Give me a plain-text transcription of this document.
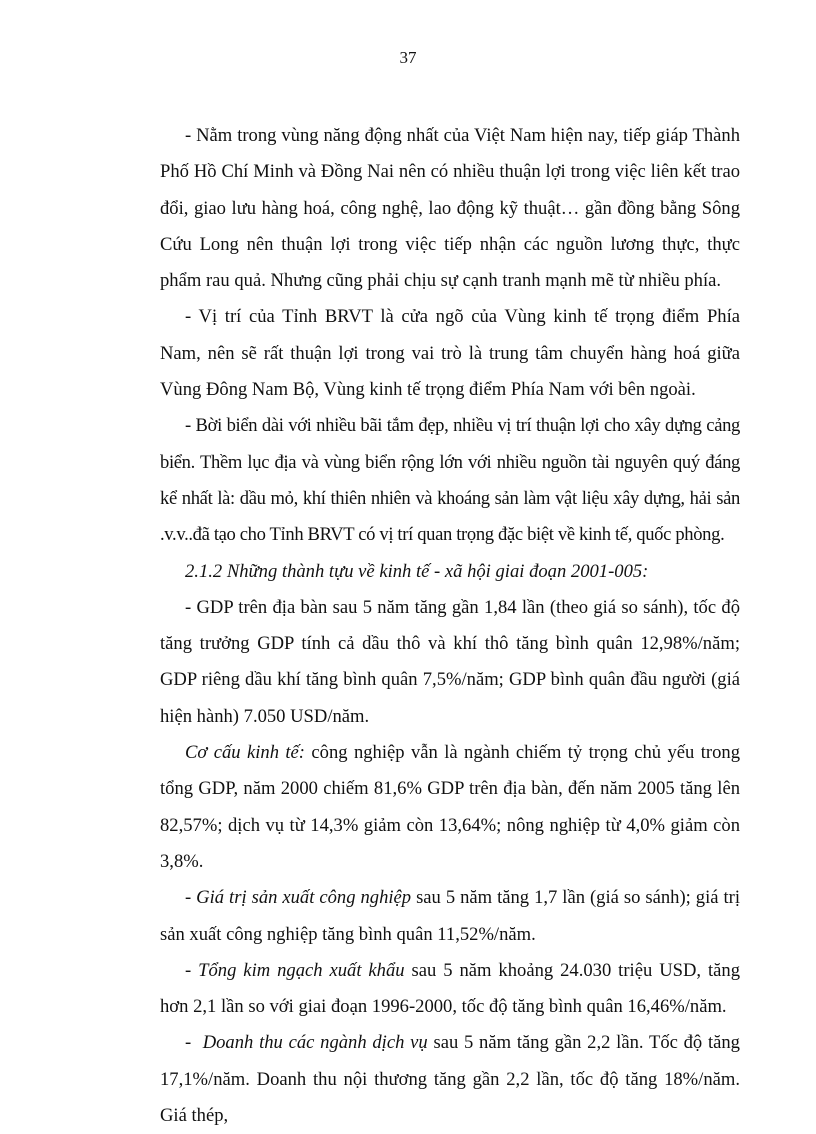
37

- Nằm trong vùng năng động nhất của Việt Nam hiện nay, tiếp giáp Thành Phố Hồ Chí Minh và Đồng Nai nên có nhiều thuận lợi trong việc liên kết trao đổi, giao lưu hàng hoá, công nghệ, lao động kỹ thuật… gần đồng bằng Sông Cứu Long nên thuận lợi trong việc tiếp nhận các nguồn lương thực, thực phẩm rau quả. Nhưng cũng phải chịu sự cạnh tranh mạnh mẽ từ nhiều phía.

- Vị trí của Tỉnh BRVT là cửa ngõ của Vùng kinh tế trọng điểm Phía Nam, nên sẽ rất thuận lợi trong vai trò là trung tâm chuyển hàng hoá giữa Vùng Đông Nam Bộ, Vùng kinh tế trọng điểm Phía Nam với bên ngoài.

- Bời biển dài với nhiều bãi tắm đẹp, nhiều vị trí thuận lợi cho xây dựng cảng biển. Thềm lục địa và vùng biển rộng lớn với nhiều nguồn tài nguyên quý đáng kể nhất là: dầu mỏ, khí thiên nhiên và khoáng sản làm vật liệu xây dựng, hải sản .v.v..đã tạo cho Tỉnh BRVT có vị trí quan trọng đặc biệt về kinh tế, quốc phòng.

2.1.2 Những thành tựu về kinh tế - xã hội giai đoạn 2001-005:

- GDP trên địa bàn sau 5 năm tăng gần 1,84 lần (theo giá so sánh), tốc độ tăng trưởng GDP tính cả dầu thô và khí thô tăng bình quân 12,98%/năm; GDP riêng dầu khí tăng bình quân 7,5%/năm; GDP bình quân đầu người (giá hiện hành) 7.050 USD/năm.

Cơ cấu kinh tế: công nghiệp vẫn là ngành chiếm tỷ trọng chủ yếu trong tổng GDP, năm 2000 chiếm 81,6% GDP trên địa bàn, đến năm 2005 tăng lên 82,57%; dịch vụ từ 14,3% giảm còn 13,64%; nông nghiệp từ 4,0% giảm còn 3,8%.

- Giá trị sản xuất công nghiệp sau 5 năm tăng 1,7 lần (giá so sánh); giá trị sản xuất công nghiệp tăng bình quân 11,52%/năm.

- Tổng kim ngạch xuất khẩu sau 5 năm khoảng 24.030 triệu USD, tăng hơn 2,1 lần so với giai đoạn 1996-2000, tốc độ tăng bình quân 16,46%/năm.

-  Doanh thu các ngành dịch vụ sau 5 năm tăng gần 2,2 lần. Tốc độ tăng 17,1%/năm. Doanh thu nội thương tăng gần 2,2 lần, tốc độ tăng 18%/năm. Giá thép,
